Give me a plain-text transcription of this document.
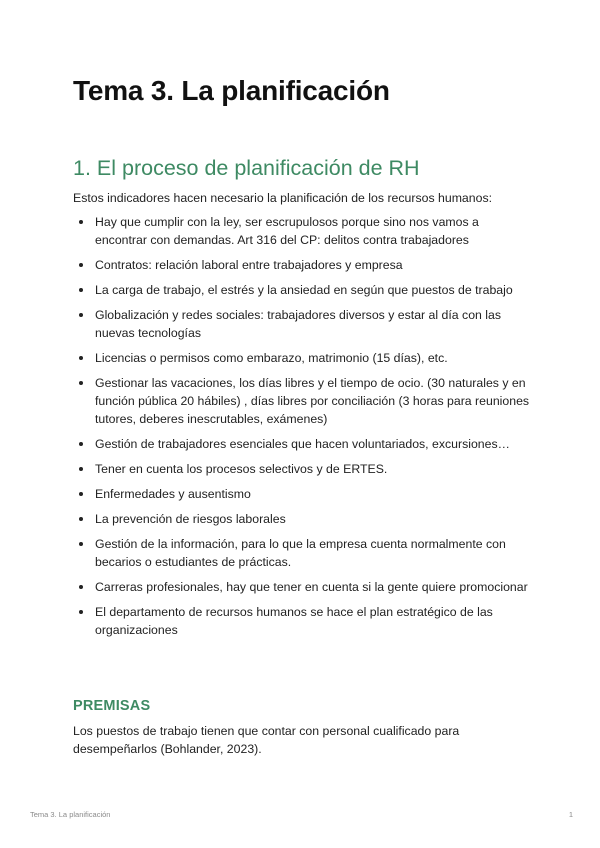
Tema 3. La planificación
1. El proceso de planificación de RH

Estos indicadores hacen necesario la planificación de los recursos humanos:

Hay que cumplir con la ley, ser escrupulosos porque sino nos vamos a encontrar con demandas. Art 316 del CP: delitos contra trabajadores
Contratos: relación laboral entre trabajadores y empresa
La carga de trabajo, el estrés y la ansiedad en según que puestos de trabajo
Globalización y redes sociales: trabajadores diversos y estar al día con las nuevas tecnologías
Licencias o permisos como embarazo, matrimonio (15 días), etc.
Gestionar las vacaciones, los días libres y el tiempo de ocio. (30 naturales y en función pública 20 hábiles) , días libres por conciliación (3 horas para reuniones tutores, deberes inescrutables, exámenes)
Gestión de trabajadores esenciales que hacen voluntariados, excursiones…
Tener en cuenta los procesos selectivos y de ERTES.
Enfermedades y ausentismo
La prevención de riesgos laborales
Gestión de la información, para lo que la empresa cuenta normalmente con becarios o estudiantes de prácticas.
Carreras profesionales, hay que tener en cuenta si la gente quiere promocionar
El departamento de recursos humanos se hace el plan estratégico de las organizaciones
PREMISAS

Los puestos de trabajo tienen que contar con personal cualificado para desempeñarlos (Bohlander, 2023).

Tema 3. La planificación	1
